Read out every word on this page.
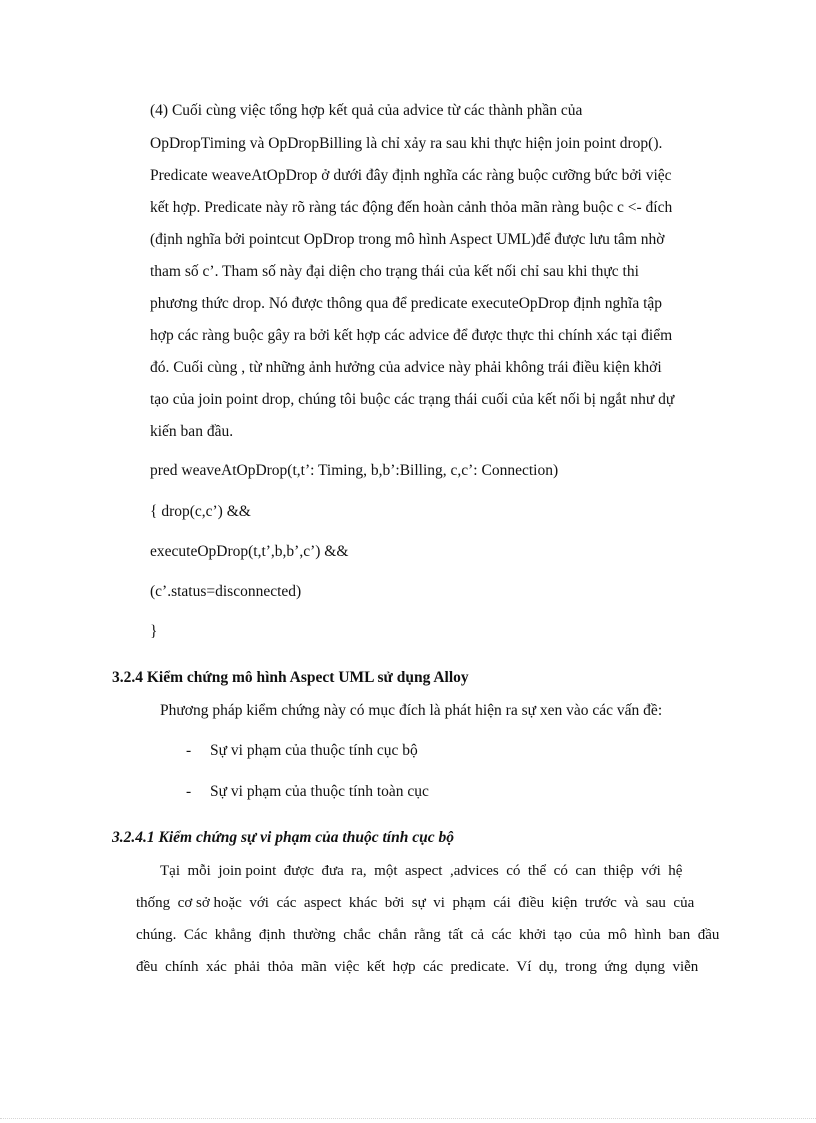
(4) Cuối cùng việc tổng hợp kết quả của advice từ các thành phần của
OpDropTiming và OpDropBilling là chỉ xảy ra sau khi thực hiện join point drop().
Predicate weaveAtOpDrop ở dưới đây định nghĩa các ràng buộc cưỡng bức bởi việc
kết hợp. Predicate này rõ ràng tác động đến hoàn cảnh thỏa mãn ràng buộc c <- đích
(định nghĩa bởi pointcut OpDrop trong mô hình Aspect UML)để được lưu tâm nhờ
tham số c’. Tham số này đại diện cho trạng thái của kết nối chỉ sau khi thực thi
phương thức drop. Nó được thông qua để predicate executeOpDrop định nghĩa tập
hợp các ràng buộc gây ra bởi kết hợp các advice để được thực thi chính xác tại điểm
đó. Cuối cùng , từ những ảnh hưởng của advice này phải không trái điều kiện khởi
tạo của join point drop, chúng tôi buộc các trạng thái cuối của kết nối bị ngắt như dự
kiến ban đầu.
pred weaveAtOpDrop(t,t’: Timing, b,b’:Billing, c,c’: Connection)
{ drop(c,c’) &&
executeOpDrop(t,t’,b,b’,c’) &&
(c’.status=disconnected)
}
3.2.4 Kiểm chứng mô hình Aspect UML sử dụng Alloy
Phương pháp kiểm chứng này có mục đích là phát hiện ra sự xen vào các vấn đề:
- Sự vi phạm của thuộc tính cục bộ
- Sự vi phạm của thuộc tính toàn cục
3.2.4.1 Kiểm chứng sự vi phạm của thuộc tính cục bộ
Tại  mỗi  join point  được  đưa  ra,  một  aspect  ,advices  có  thể  có  can  thiệp  với  hệ
thống  cơ sở hoặc  với  các  aspect  khác  bởi  sự  vi  phạm  cái  điều  kiện  trước  và  sau  của
chúng.  Các  khẳng  định  thường  chắc  chắn  rằng  tất  cả  các  khởi  tạo  của  mô  hình  ban  đầu
đều  chính  xác  phải  thỏa  mãn  việc  kết  hợp  các  predicate.  Ví  dụ,  trong  ứng  dụng  viễn
